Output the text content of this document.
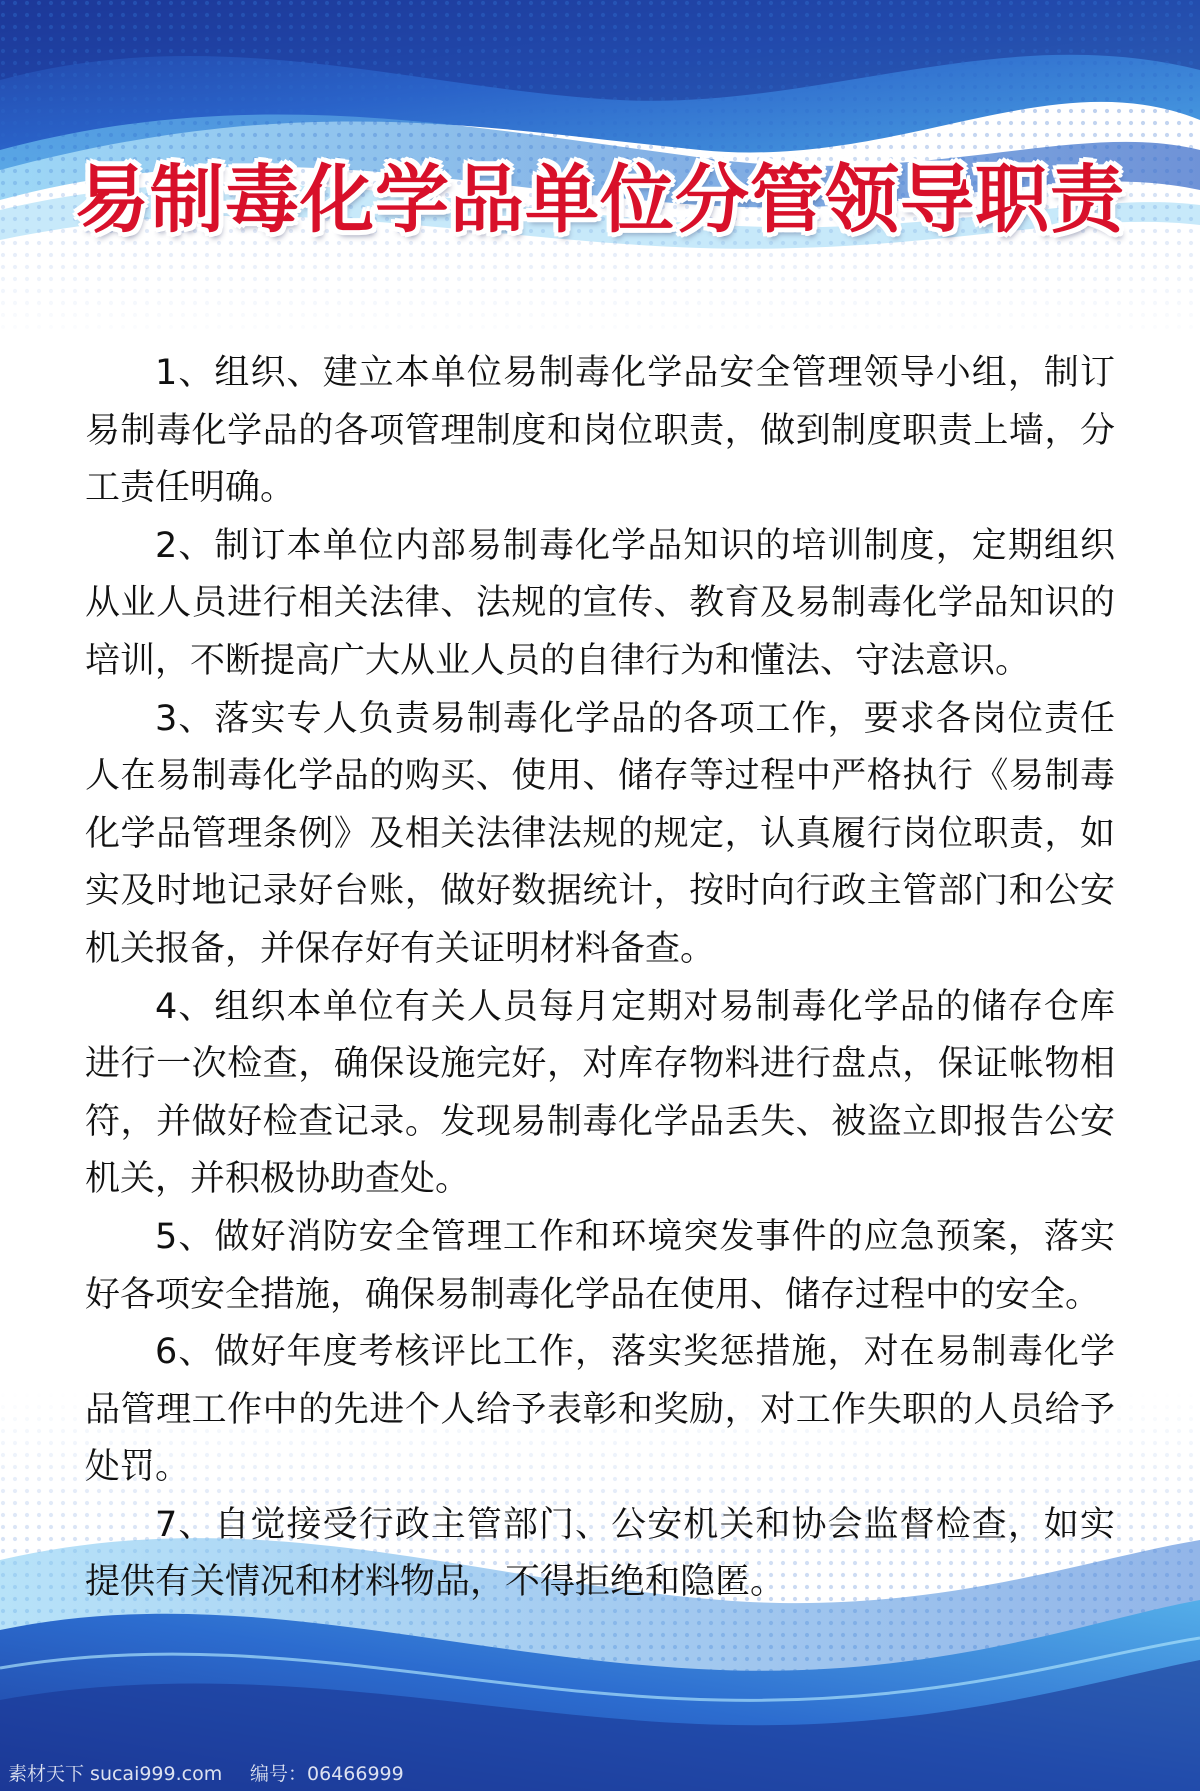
易制毒化学品单位分管领导职责

1、组织、建立本单位易制毒化学品安全管理领导小组，制订易制毒化学品的各项管理制度和岗位职责，做到制度职责上墙，分工责任明确。

2、制订本单位内部易制毒化学品知识的培训制度，定期组织从业人员进行相关法律、法规的宣传、教育及易制毒化学品知识的培训，不断提高广大从业人员的自律行为和懂法、守法意识。

3、落实专人负责易制毒化学品的各项工作，要求各岗位责任人在易制毒化学品的购买、使用、储存等过程中严格执行《易制毒化学品管理条例》及相关法律法规的规定，认真履行岗位职责，如实及时地记录好台账，做好数据统计，按时向行政主管部门和公安机关报备，并保存好有关证明材料备查。

4、组织本单位有关人员每月定期对易制毒化学品的储存仓库进行一次检查，确保设施完好，对库存物料进行盘点，保证帐物相符，并做好检查记录。发现易制毒化学品丢失、被盗立即报告公安机关，并积极协助查处。

5、做好消防安全管理工作和环境突发事件的应急预案，落实好各项安全措施，确保易制毒化学品在使用、储存过程中的安全。

6、做好年度考核评比工作，落实奖惩措施，对在易制毒化学品管理工作中的先进个人给予表彰和奖励，对工作失职的人员给予处罚。

7、自觉接受行政主管部门、公安机关和协会监督检查，如实提供有关情况和材料物品，不得拒绝和隐匿。

素材天下 sucai999.com 编号：06466999
